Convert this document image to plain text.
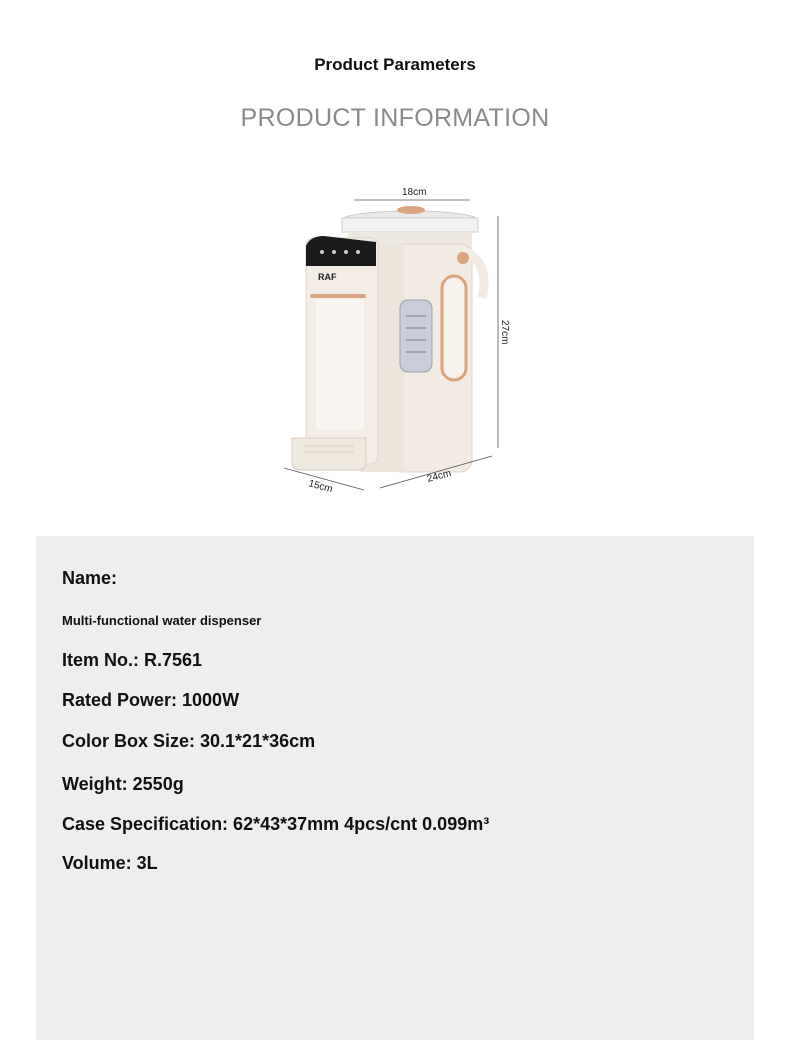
Product Parameters
PRODUCT INFORMATION
RAF
18cm
27cm
24cm
15cm
Name:
Multi-functional water dispenser
Item No.: R.7561
Rated Power: 1000W
Color Box Size: 30.1*21*36cm
Weight: 2550g
Case Specification: 62*43*37mm 4pcs/cnt 0.099m³
Volume: 3L
